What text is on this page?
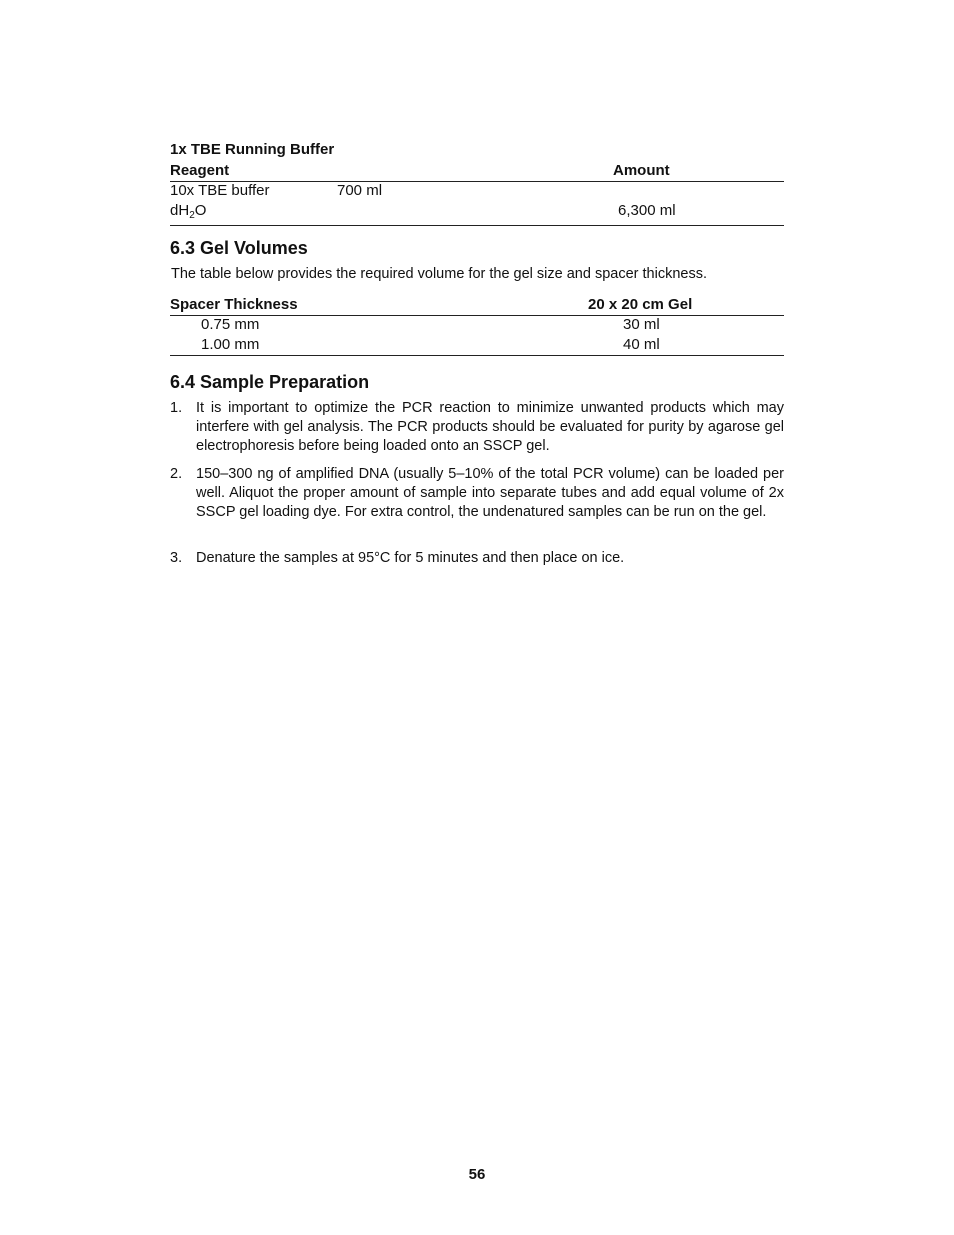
1x TBE Running Buffer
Reagent	Amount
10x TBE buffer	700 ml
$dH_2O$	6,300 ml
6.3 Gel Volumes
The table below provides the required volume for the gel size and spacer thickness.
Spacer Thickness	20 x 20 cm Gel
0.75 mm	30 ml
1.00 mm	40 ml
6.4 Sample Preparation
1. It is important to optimize the PCR reaction to minimize unwanted products which may interfere with gel analysis. The PCR products should be evaluated for purity by agarose gel electrophoresis before being loaded onto an SSCP gel.
2. 150–300 ng of amplified DNA (usually 5–10% of the total PCR volume) can be loaded per well. Aliquot the proper amount of sample into separate tubes and add equal volume of 2x SSCP gel loading dye. For extra control, the undenatured samples can be run on the gel.
3. Denature the samples at 95°C for 5 minutes and then place on ice.
56
